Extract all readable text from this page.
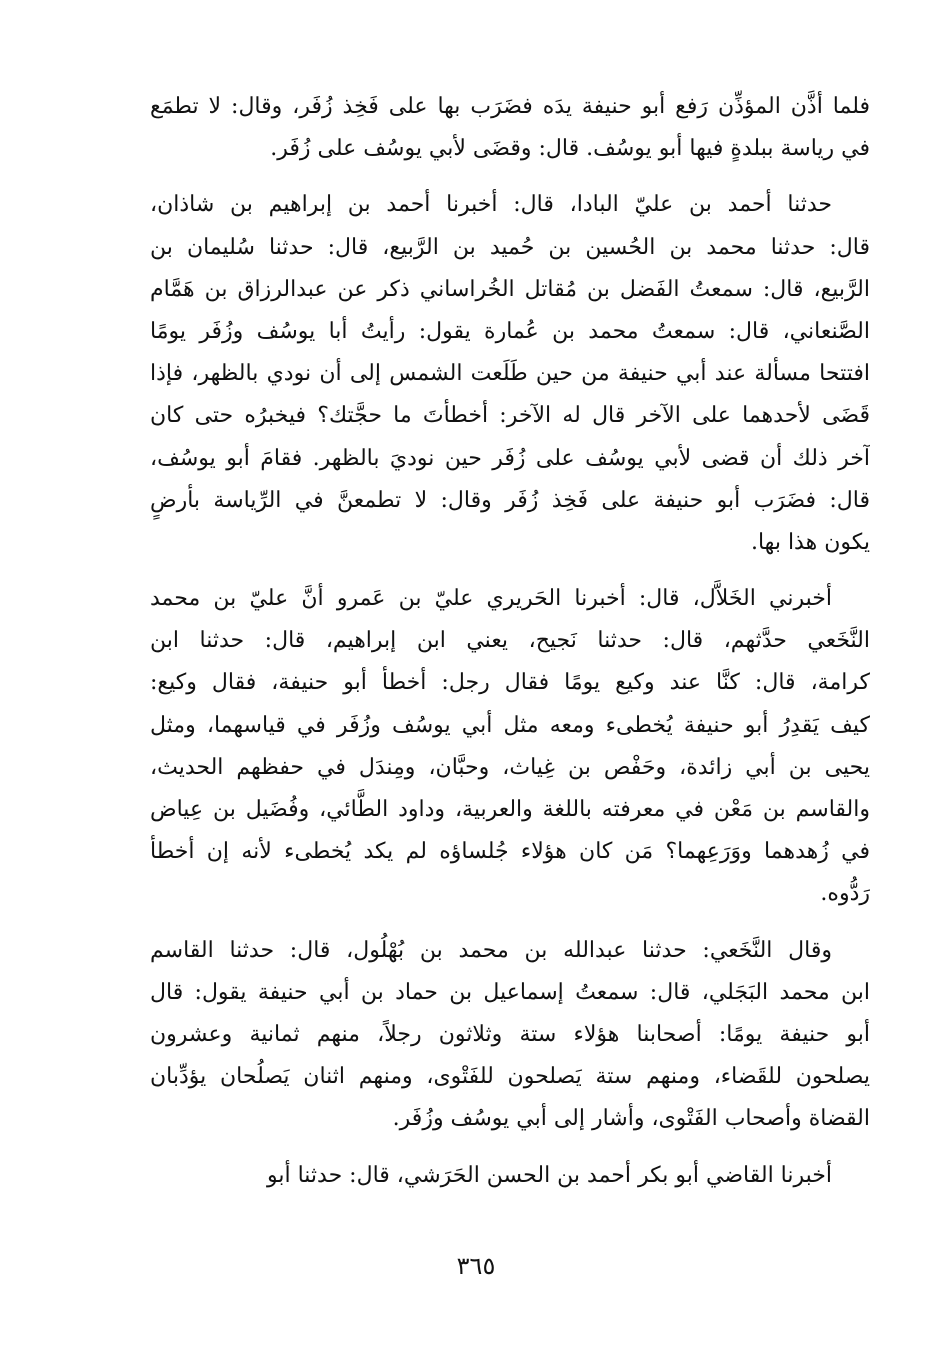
فلما أذَّن المؤذِّن رَفع أبو حنيفة يدَه فضَرَب بها على فَخِذ زُفَر، وقال: لا تطمَع
في رياسة ببلدةٍ فيها أبو يوسُف. قال: وقضَى لأبي يوسُف على زُفَر.
حدثنا أحمد بن عليّ البادا، قال: أخبرنا أحمد بن إبراهيم بن شاذان،
قال: حدثنا محمد بن الحُسين بن حُميد بن الرَّبيع، قال: حدثنا سُليمان بن
الرَّبيع، قال: سمعتُ الفَضل بن مُقاتل الخُراساني ذكر عن عبدالرزاق بن هَمَّام
الصَّنعاني، قال: سمعتُ محمد بن عُمارة يقول: رأيتُ أبا يوسُف وزُفَر يومًا
افتتحا مسألة عند أبي حنيفة من حين طَلَعت الشمس إلى أن نودي بالظهر، فإذا
قَضَى لأحدهما على الآخر قال له الآخر: أخطأتَ ما حجَّتك؟ فيخبرُه حتى كان
آخر ذلك أن قضى لأبي يوسُف على زُفَر حين نوديَ بالظهر. فقامَ أبو يوسُف،
قال: فضَرَب أبو حنيفة على فَخِذ زُفَر وقال: لا تطمعنَّ في الرِّياسة بأرضٍ
يكون هذا بها.
أخبرني الخَلاَّل، قال: أخبرنا الحَريري عليّ بن عَمرو أنَّ عليّ بن محمد
النَّخَعي حدَّثهم، قال: حدثنا نَجيح، يعني ابن إبراهيم، قال: حدثنا ابن
كرامة، قال: كنَّا عند وكيع يومًا فقال رجل: أخطأ أبو حنيفة، فقال وكيع:
كيف يَقدِرُ أبو حنيفة يُخطىء ومعه مثل أبي يوسُف وزُفَر في قياسهما، ومثل
يحيى بن أبي زائدة، وحَفْص بن غِياث، وحبَّان، ومِندَل في حفظهم الحديث،
والقاسم بن مَعْن في معرفته باللغة والعربية، وداود الطَّائي، وفُضَيل بن عِياض
في زُهدهما ووَرَعِهما؟ مَن كان هؤلاء جُلساؤه لم يكد يُخطىء لأنه إن أخطأ
رَدُّوه.
وقال النَّخَعي: حدثنا عبدالله بن محمد بن بُهْلُول، قال: حدثنا القاسم
ابن محمد البَجَلي، قال: سمعتُ إسماعيل بن حماد بن أبي حنيفة يقول: قال
أبو حنيفة يومًا: أصحابنا هؤلاء ستة وثلاثون رجلاً، منهم ثمانية وعشرون
يصلحون للقَضاء، ومنهم ستة يَصلحون للفَتْوى، ومنهم اثنان يَصلُحان يؤدِّبان
القضاة وأصحاب الفَتْوى، وأشار إلى أبي يوسُف وزُفَر.
أخبرنا القاضي أبو بكر أحمد بن الحسن الحَرَشي، قال: حدثنا أبو
٣٦٥
